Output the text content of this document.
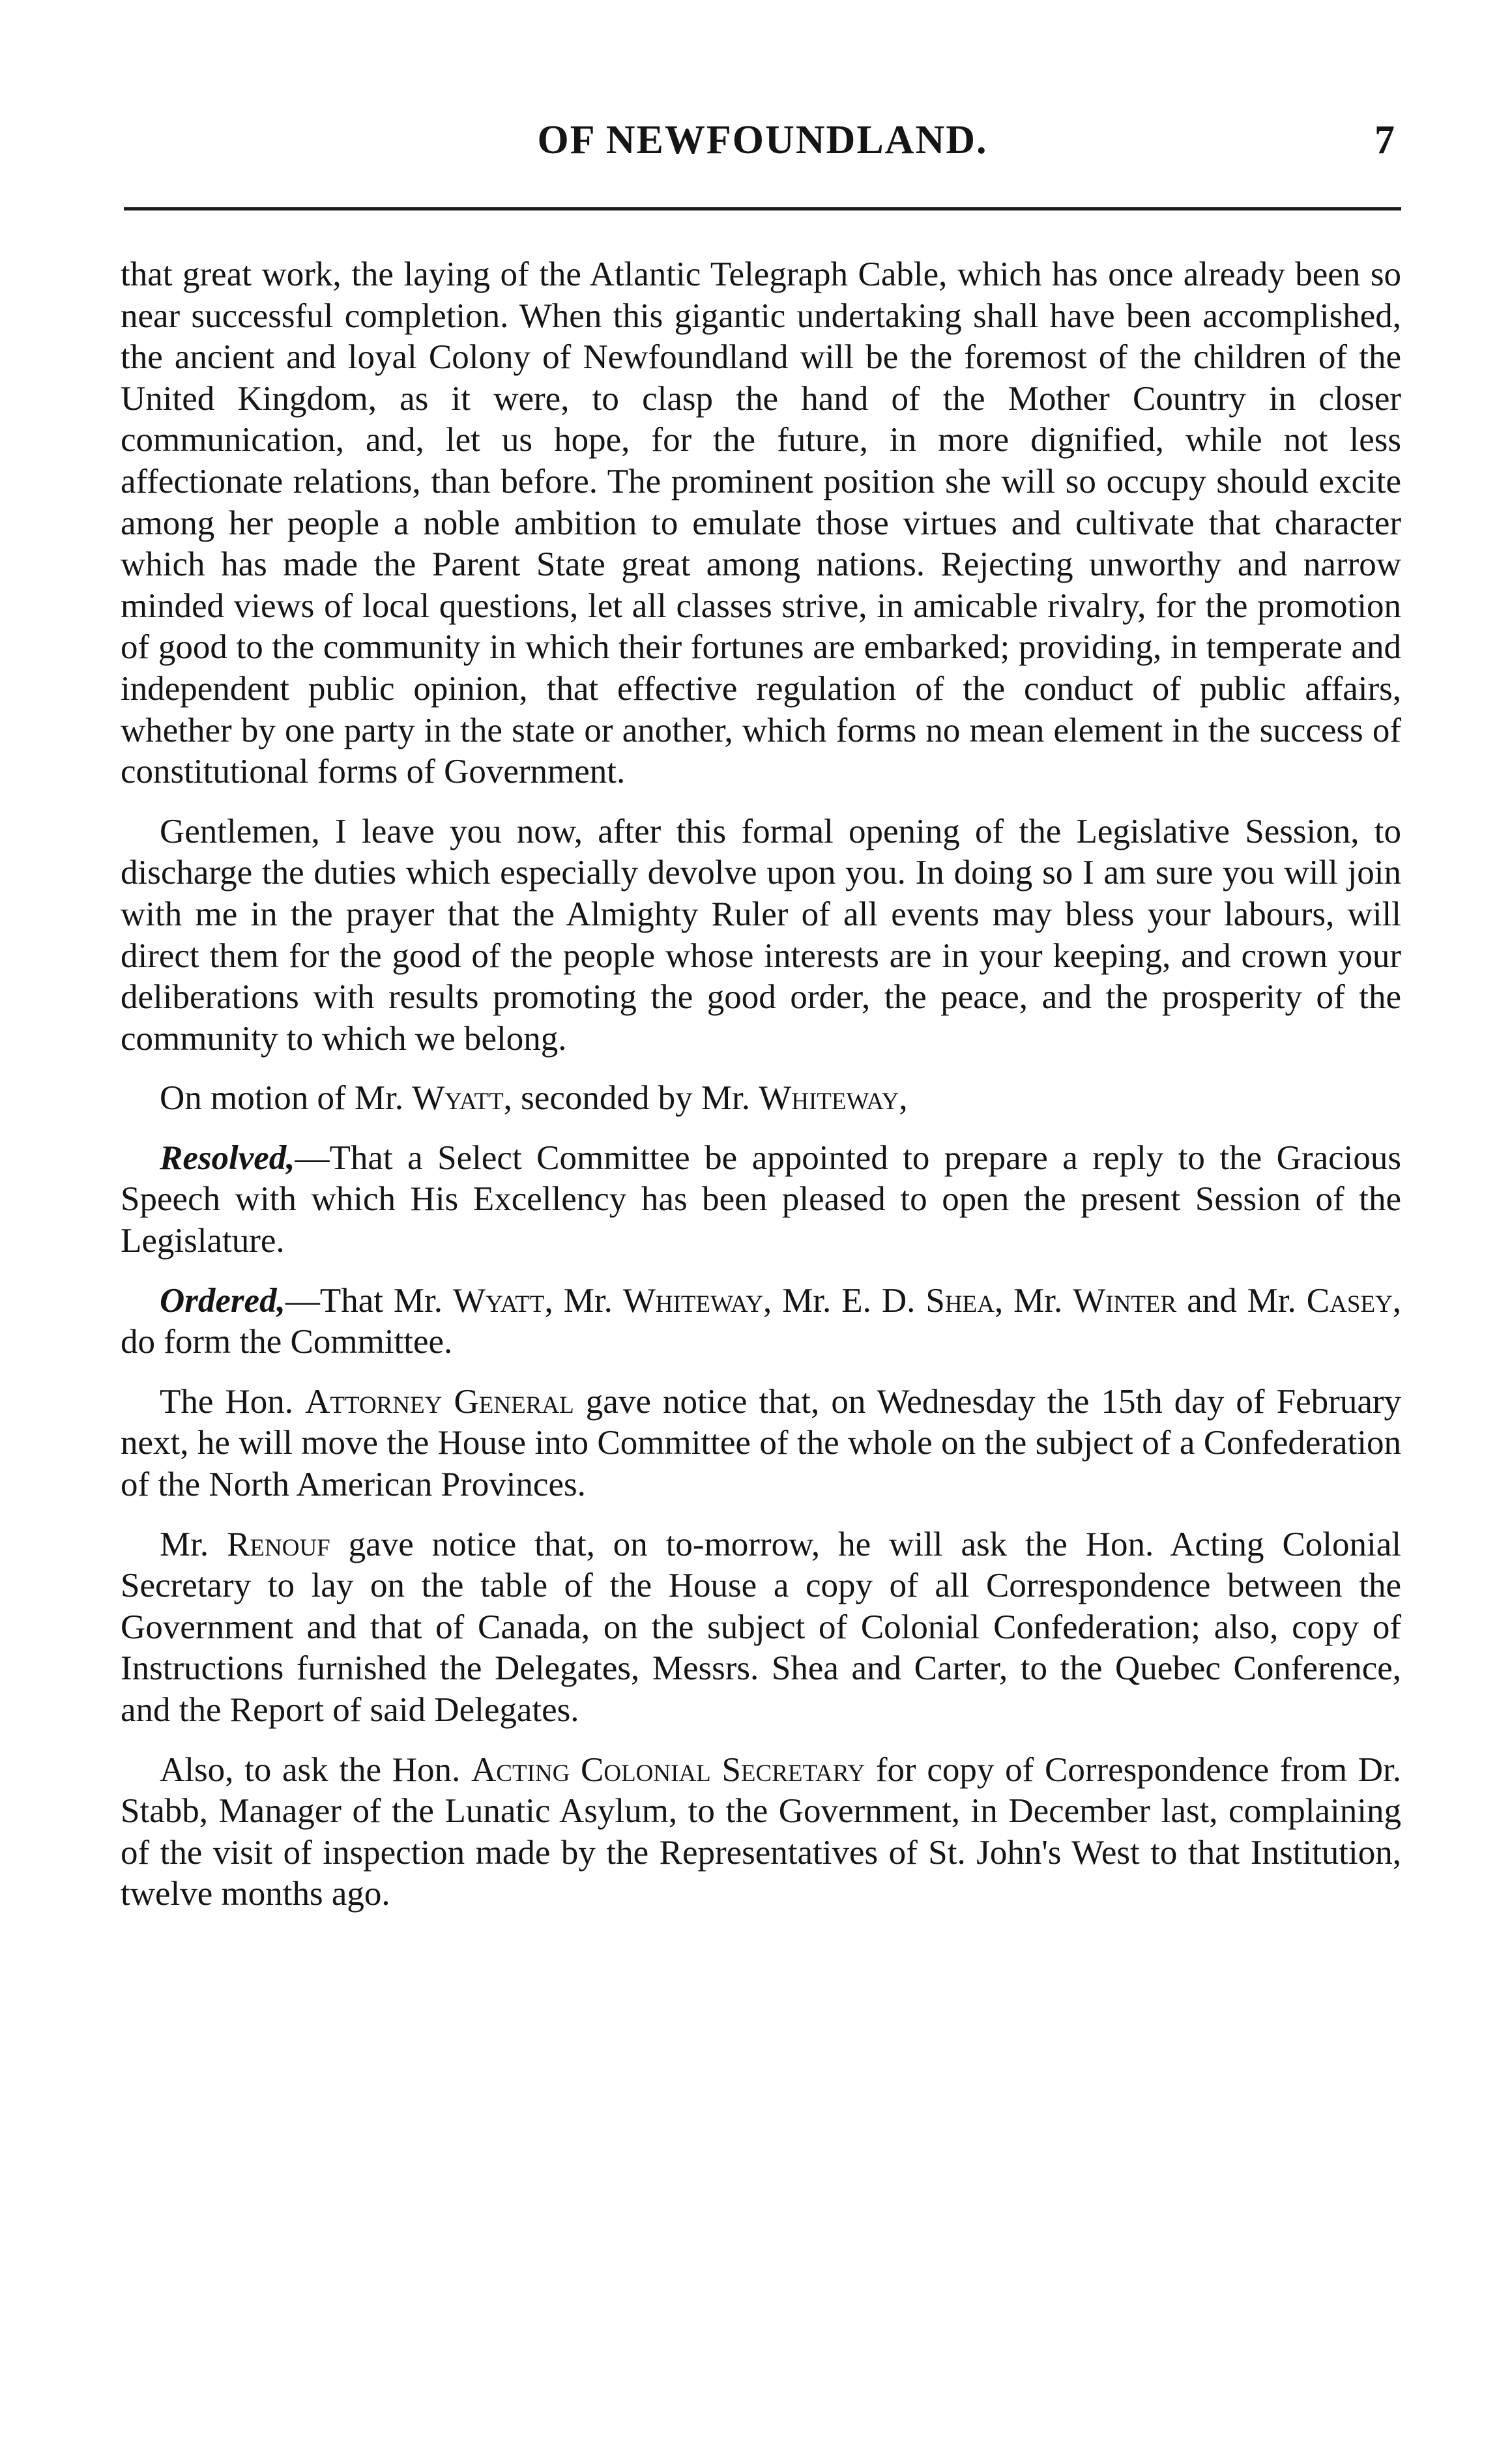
OF NEWFOUNDLAND.	7

that great work, the laying of the Atlantic Telegraph Cable, which has once already been so near successful completion. When this gigantic undertaking shall have been accomplished, the ancient and loyal Colony of Newfoundland will be the foremost of the children of the United Kingdom, as it were, to clasp the hand of the Mother Country in closer communication, and, let us hope, for the future, in more dignified, while not less affectionate relations, than before. The prominent position she will so occupy should excite among her people a noble ambition to emulate those virtues and cultivate that character which has made the Parent State great among nations. Rejecting unworthy and narrow minded views of local questions, let all classes strive, in amicable rivalry, for the promotion of good to the community in which their fortunes are embarked; providing, in temperate and independent public opinion, that effective regulation of the conduct of public affairs, whether by one party in the state or another, which forms no mean element in the success of constitutional forms of Government.

Gentlemen, I leave you now, after this formal opening of the Legislative Session, to discharge the duties which especially devolve upon you. In doing so I am sure you will join with me in the prayer that the Almighty Ruler of all events may bless your labours, will direct them for the good of the people whose interests are in your keeping, and crown your deliberations with results promoting the good order, the peace, and the prosperity of the community to which we belong.

On motion of Mr. Wyatt, seconded by Mr. Whiteway,

Resolved,—That a Select Committee be appointed to prepare a reply to the Gracious Speech with which His Excellency has been pleased to open the present Session of the Legislature.

Ordered,—That Mr. Wyatt, Mr. Whiteway, Mr. E. D. Shea, Mr. Winter and Mr. Casey, do form the Committee.

The Hon. Attorney General gave notice that, on Wednesday the 15th day of February next, he will move the House into Committee of the whole on the subject of a Confederation of the North American Provinces.

Mr. Renouf gave notice that, on to-morrow, he will ask the Hon. Acting Colonial Secretary to lay on the table of the House a copy of all Correspondence between the Government and that of Canada, on the subject of Colonial Confederation; also, copy of Instructions furnished the Delegates, Messrs. Shea and Carter, to the Quebec Conference, and the Report of said Delegates.

Also, to ask the Hon. Acting Colonial Secretary for copy of Correspondence from Dr. Stabb, Manager of the Lunatic Asylum, to the Government, in December last, complaining of the visit of inspection made by the Representatives of St. John's West to that Institution, twelve months ago.
